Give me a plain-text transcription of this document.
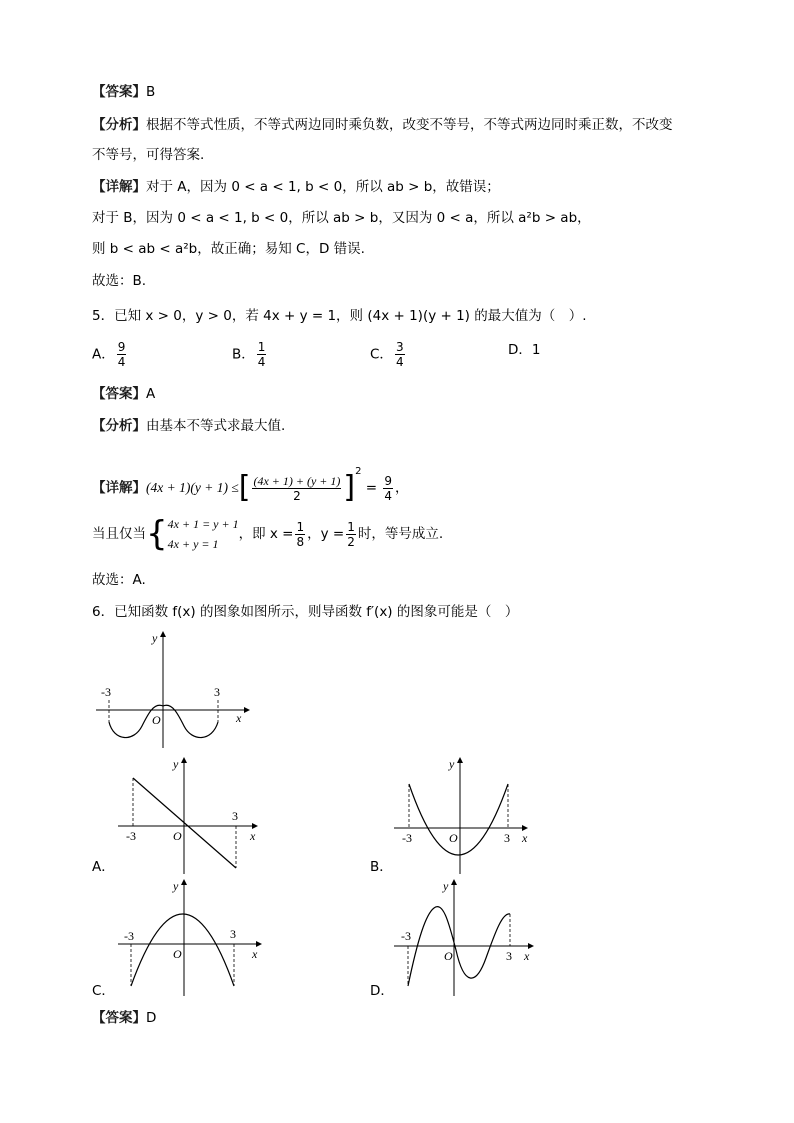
【答案】B
【分析】根据不等式性质，不等式两边同时乘负数，改变不等号，不等式两边同时乘正数，不改变
不等号，可得答案.
【详解】对于 A，因为 0 < a < 1, b < 0，所以 ab > b，故错误；
对于 B，因为 0 < a < 1, b < 0，所以 ab > b，又因为 0 < a，所以 a²b > ab，
则 b < ab < a²b，故正确；易知 C，D 错误.
故选：B.
5．已知 x > 0，y > 0，若 4x + y = 1，则 (4x + 1)(y + 1) 的最大值为（　）.
A． $\frac{9}{4}$	B． $\frac{1}{4}$	C． $\frac{3}{4}$	D．1
【答案】A
【分析】由基本不等式求最大值.
【详解】(4x + 1)(y + 1) ≤[ $\frac{(4x + 1) + (y + 1)}{2} ]^2 = \frac{9}{4}$ ，
当且仅当{ 4x + 1 = y + 1
4x + y = 1
，即 $x = \frac{1}{8}$ ，$y = \frac{1}{2}$ 时，等号成立.
故选：A.
6．已知函数 f(x) 的图象如图所示，则导函数 f′(x) 的图象可能是（　）
-3	3
O	x
y
-3
3
O	x
y
A．
-3	3
O	x
y
B．
-3	3
O	x
y
C．
-3
3
O	x
y
D．
【答案】D
